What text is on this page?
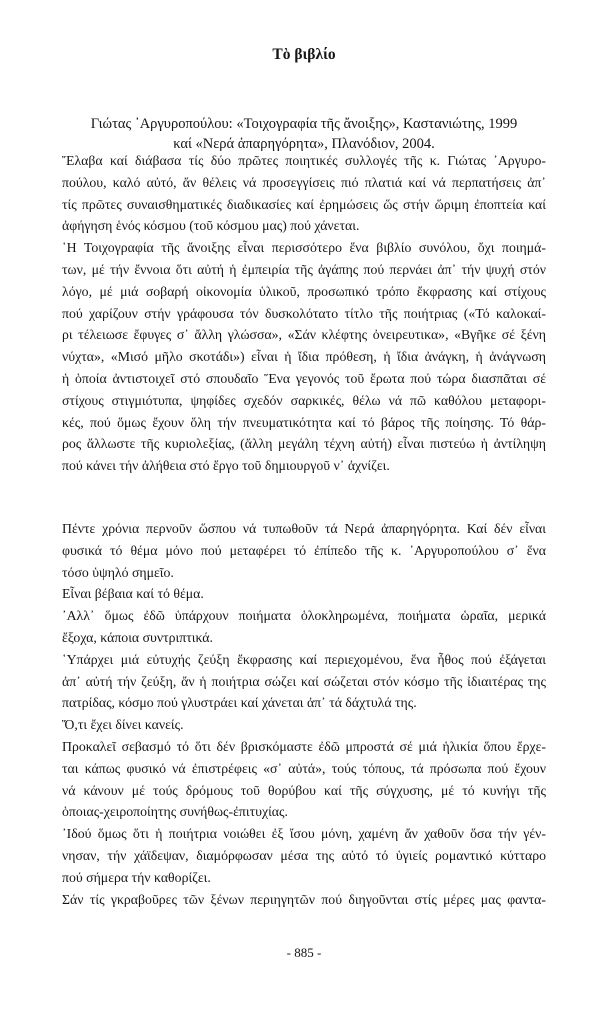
Τὸ βιβλίο
Γιώτας ᾿Αργυροπούλου: «Τοιχογραφία τῆς ἄνοιξης», Καστανιώτης, 1999
καί «Νερά ἀπαρηγόρητα», Πλανόδιον, 2004.
Ἔλαβα καί διάβασα τίς δύο πρῶτες ποιητικές συλλογές τῆς κ. Γιώτας ᾿Αργυρο-
πούλου, καλό αὐτό, ἄν θέλεις νά προσεγγίσεις πιό πλατιά καί νά περπατήσεις ἀπ᾿
τίς πρῶτες συναισθηματικές διαδικασίες καί ἐρημώσεις ὥς στήν ὥριμη ἐποπτεία καί
ἀφήγηση ἑνός κόσμου (τοῦ κόσμου μας) πού χάνεται.
῾Η Τοιχογραφία τῆς ἄνοιξης εἶναι περισσότερο ἕνα βιβλίο συνόλου, ὄχι ποιημά-
των, μέ τήν ἔννοια ὅτι αὐτή ἡ ἐμπειρία τῆς ἀγάπης πού περνάει ἀπ᾿ τήν ψυχή στόν
λόγο, μέ μιά σοβαρή οἰκονομία ὑλικοῦ, προσωπικό τρόπο ἔκφρασης καί στίχους
πού χαρίζουν στήν γράφουσα τόν δυσκολότατο τίτλο τῆς ποιήτριας («Τό καλοκαί-
ρι τέλειωσε ἔφυγες σ᾿ ἄλλη γλώσσα», «Σάν κλέφτης ὀνειρευτικα», «Βγῆκε σέ ξένη
νύχτα», «Μισό μῆλο σκοτάδι») εἶναι ἡ ἴδια πρόθεση, ἡ ἴδια ἀνάγκη, ἡ ἀνάγνωση
ἡ ὁποία ἀντιστοιχεῖ στό σπουδαῖο Ἕνα γεγονός τοῦ ἔρωτα πού τώρα διασπᾶται σέ
στίχους στιγμιότυπα, ψηφίδες σχεδόν σαρκικές, θέλω νά πῶ καθόλου μεταφορι-
κές, πού ὅμως ἔχουν ὅλη τήν πνευματικότητα καί τό βάρος τῆς ποίησης. Τό θάρ-
ρος ἄλλωστε τῆς κυριολεξίας, (ἄλλη μεγάλη τέχνη αὐτή) εἶναι πιστεύω ἡ ἀντίληψη
πού κάνει τήν ἀλήθεια στό ἔργο τοῦ δημιουργοῦ ν᾿ ἀχνίζει.
Πέντε χρόνια περνοῦν ὥσπου νά τυπωθοῦν τά Νερά ἀπαρηγόρητα. Καί δέν εἶναι
φυσικά τό θέμα μόνο πού μεταφέρει τό ἐπίπεδο τῆς κ. ᾿Αργυροπούλου σ᾿ ἕνα
τόσο ὑψηλό σημεῖο.
Εἶναι βέβαια καί τό θέμα.
᾿Αλλ᾿ ὅμως ἐδῶ ὑπάρχουν ποιήματα ὁλοκληρωμένα, ποιήματα ὡραῖα, μερικά
ἔξοχα, κάποια συντριπτικά.
῾Υπάρχει μιά εὐτυχής ζεύξη ἔκφρασης καί περιεχομένου, ἕνα ἦθος πού ἐξάγεται
ἀπ᾿ αὐτή τήν ζεύξη, ἄν ἡ ποιήτρια σώζει καί σώζεται στόν κόσμο τῆς ἰδιαιτέρας της
πατρίδας, κόσμο πού γλυστράει καί χάνεται ἀπ᾿ τά δάχτυλά της.
Ὅ,τι ἔχει δίνει κανείς.
Προκαλεῖ σεβασμό τό ὅτι δέν βρισκόμαστε ἐδῶ μπροστά σέ μιά ἡλικία ὅπου ἔρχε-
ται κάπως φυσικό νά ἐπιστρέφεις «σ᾿ αὐτά», τούς τόπους, τά πρόσωπα πού ἔχουν
νά κάνουν μέ τούς δρόμους τοῦ θορύβου καί τῆς σύγχυσης, μέ τό κυνήγι τῆς
ὁποιας-χειροποίητης συνήθως-ἐπιτυχίας.
᾿Ιδού ὅμως ὅτι ἡ ποιήτρια νοιώθει ἐξ ἴσου μόνη, χαμένη ἄν χαθοῦν ὅσα τήν γέν-
νησαν, τήν χάϊδεψαν, διαμόρφωσαν μέσα της αὐτό τό ὑγιείς ρομαντικό κύτταρο
πού σήμερα τήν καθορίζει.
Σάν τίς γκραβοῦρες τῶν ξένων περιηγητῶν πού διηγοῦνται στίς μέρες μας φαντα-
- 885 -
